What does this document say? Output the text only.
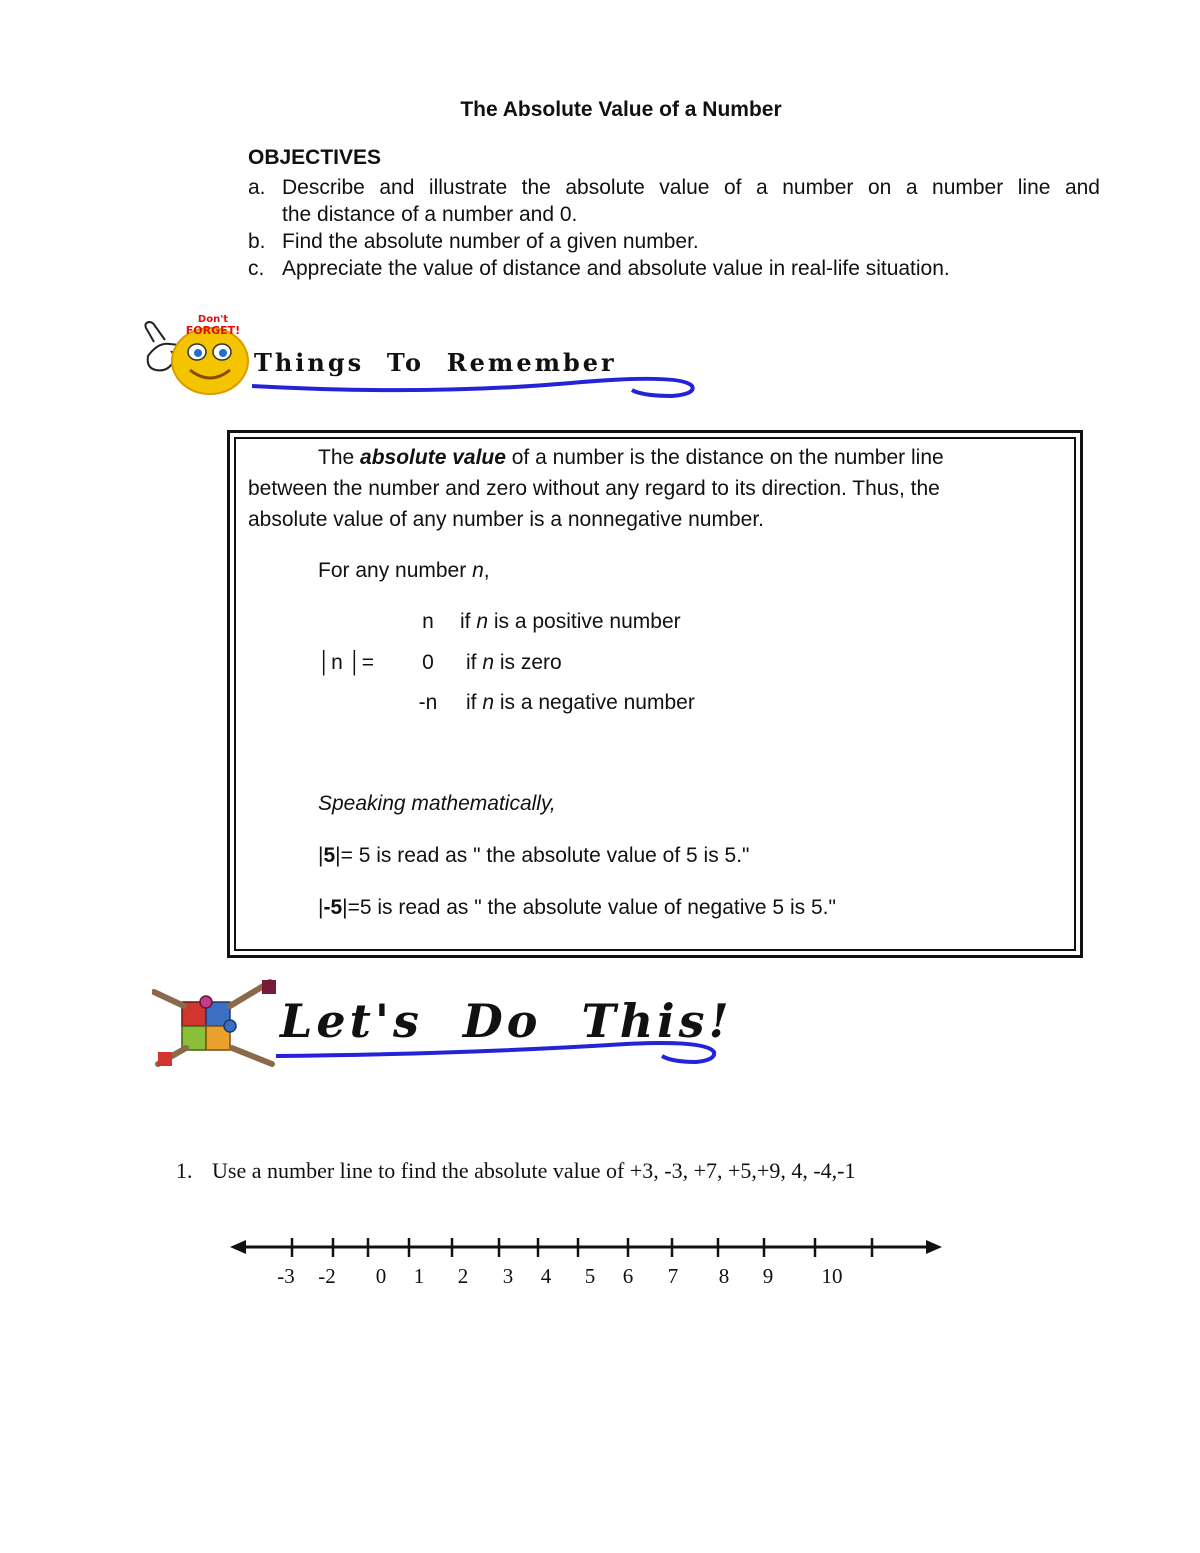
The Absolute Value of a Number
OBJECTIVES
a. Describe and illustrate the absolute value of a number on a number line and
the distance of a number and 0.
b. Find the absolute number of a given number.
c. Appreciate the value of distance and absolute value in real-life situation.
Don't
FORGET!
Things  To  Remember
The absolute value of a number is the distance on the number line
between the number and zero without any regard to its direction. Thus, the
absolute value of any number is a nonnegative number.
For any number n,
│n │=
n	if n is a positive number
0	if n is zero
-n	if n is a negative number
Speaking mathematically,
|5|= 5 is read as " the absolute value of 5 is 5."
|-5|=5 is read as " the absolute value of negative 5 is 5."
Let's  Do  This!
1. Use a number line to find the absolute value of +3, -3, +7, +5,+9, 4, -4,-1
-3	-2	0	1	2	3	4	5	6	7	8	9	10
